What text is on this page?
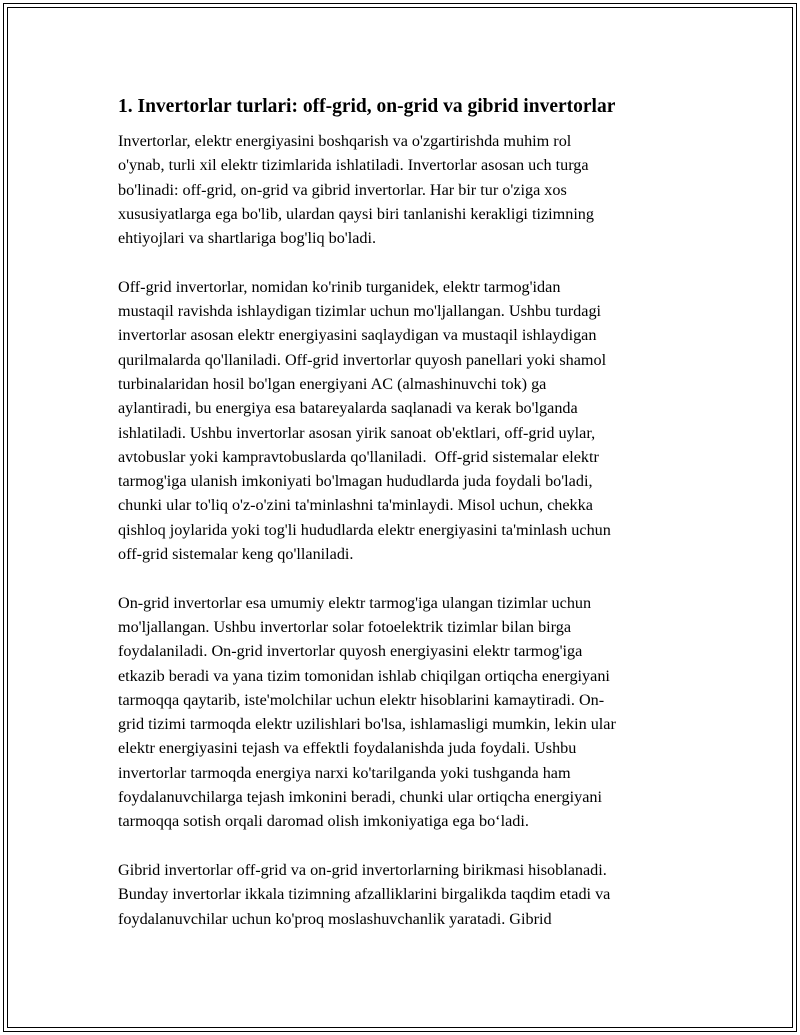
1. Invertorlar turlari: off-grid, on-grid va gibrid invertorlar
Invertorlar, elektr energiyasini boshqarish va o'zgartirishda muhim rol
o'ynab, turli xil elektr tizimlarida ishlatiladi. Invertorlar asosan uch turga
bo'linadi: off-grid, on-grid va gibrid invertorlar. Har bir tur o'ziga xos
xususiyatlarga ega bo'lib, ulardan qaysi biri tanlanishi kerakligi tizimning
ehtiyojlari va shartlariga bog'liq bo'ladi.
Off-grid invertorlar, nomidan ko'rinib turganidek, elektr tarmog'idan
mustaqil ravishda ishlaydigan tizimlar uchun mo'ljallangan. Ushbu turdagi
invertorlar asosan elektr energiyasini saqlaydigan va mustaqil ishlaydigan
qurilmalarda qo'llaniladi. Off-grid invertorlar quyosh panellari yoki shamol
turbinalaridan hosil bo'lgan energiyani AC (almashinuvchi tok) ga
aylantiradi, bu energiya esa batareyalarda saqlanadi va kerak bo'lganda
ishlatiladi. Ushbu invertorlar asosan yirik sanoat ob'ektlari, off-grid uylar,
avtobuslar yoki kampravtobuslarda qo'llaniladi.  Off-grid sistemalar elektr
tarmog'iga ulanish imkoniyati bo'lmagan hududlarda juda foydali bo'ladi,
chunki ular to'liq o'z-o'zini ta'minlashni ta'minlaydi. Misol uchun, chekka
qishloq joylarida yoki tog'li hududlarda elektr energiyasini ta'minlash uchun
off-grid sistemalar keng qo'llaniladi.
On-grid invertorlar esa umumiy elektr tarmog'iga ulangan tizimlar uchun
mo'ljallangan. Ushbu invertorlar solar fotoelektrik tizimlar bilan birga
foydalaniladi. On-grid invertorlar quyosh energiyasini elektr tarmog'iga
etkazib beradi va yana tizim tomonidan ishlab chiqilgan ortiqcha energiyani
tarmoqqa qaytarib, iste'molchilar uchun elektr hisoblarini kamaytiradi. On-
grid tizimi tarmoqda elektr uzilishlari bo'lsa, ishlamasligi mumkin, lekin ular
elektr energiyasini tejash va effektli foydalanishda juda foydali. Ushbu
invertorlar tarmoqda energiya narxi ko'tarilganda yoki tushganda ham
foydalanuvchilarga tejash imkonini beradi, chunki ular ortiqcha energiyani
tarmoqqa sotish orqali daromad olish imkoniyatiga ega bo‘ladi.
Gibrid invertorlar off-grid va on-grid invertorlarning birikmasi hisoblanadi.
Bunday invertorlar ikkala tizimning afzalliklarini birgalikda taqdim etadi va
foydalanuvchilar uchun ko'proq moslashuvchanlik yaratadi. Gibrid
